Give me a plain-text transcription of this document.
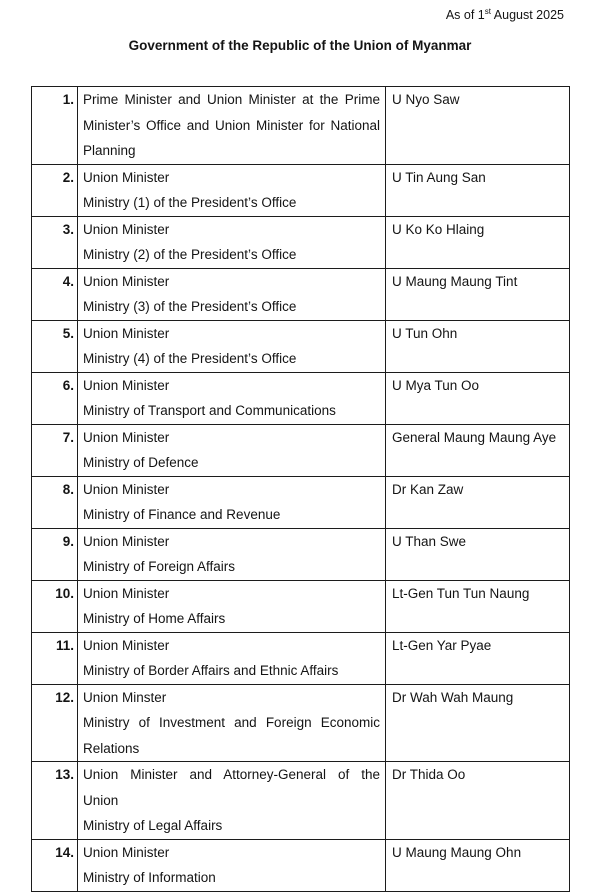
As of 1st August 2025
Government of the Republic of the Union of Myanmar
1.	Prime Minister and Union Minister at the Prime
Minister’s Office and Union Minister for National
Planning	U Nyo Saw

2.	Union Minister
Ministry (1) of the President’s Office	U Tin Aung San

3.	Union Minister
Ministry (2) of the President’s Office	U Ko Ko Hlaing

4.	Union Minister
Ministry (3) of the President’s Office	U Maung Maung Tint

5.	Union Minister
Ministry (4) of the President’s Office	U Tun Ohn

6.	Union Minister
Ministry of Transport and Communications	U Mya Tun Oo

7.	Union Minister
Ministry of Defence	General Maung Maung Aye

8.	Union Minister
Ministry of Finance and Revenue	Dr Kan Zaw

9.	Union Minister
Ministry of Foreign Affairs	U Than Swe

10.	Union Minister
Ministry of Home Affairs	Lt-Gen Tun Tun Naung

11.	Union Minister
Ministry of Border Affairs and Ethnic Affairs	Lt-Gen Yar Pyae

12.	Union Minster
Ministry of Investment and Foreign Economic
Relations	Dr Wah Wah Maung

13.	Union Minister and Attorney-General of the
Union
Ministry of Legal Affairs	Dr Thida Oo

14.	Union Minister
Ministry of Information	U Maung Maung Ohn
